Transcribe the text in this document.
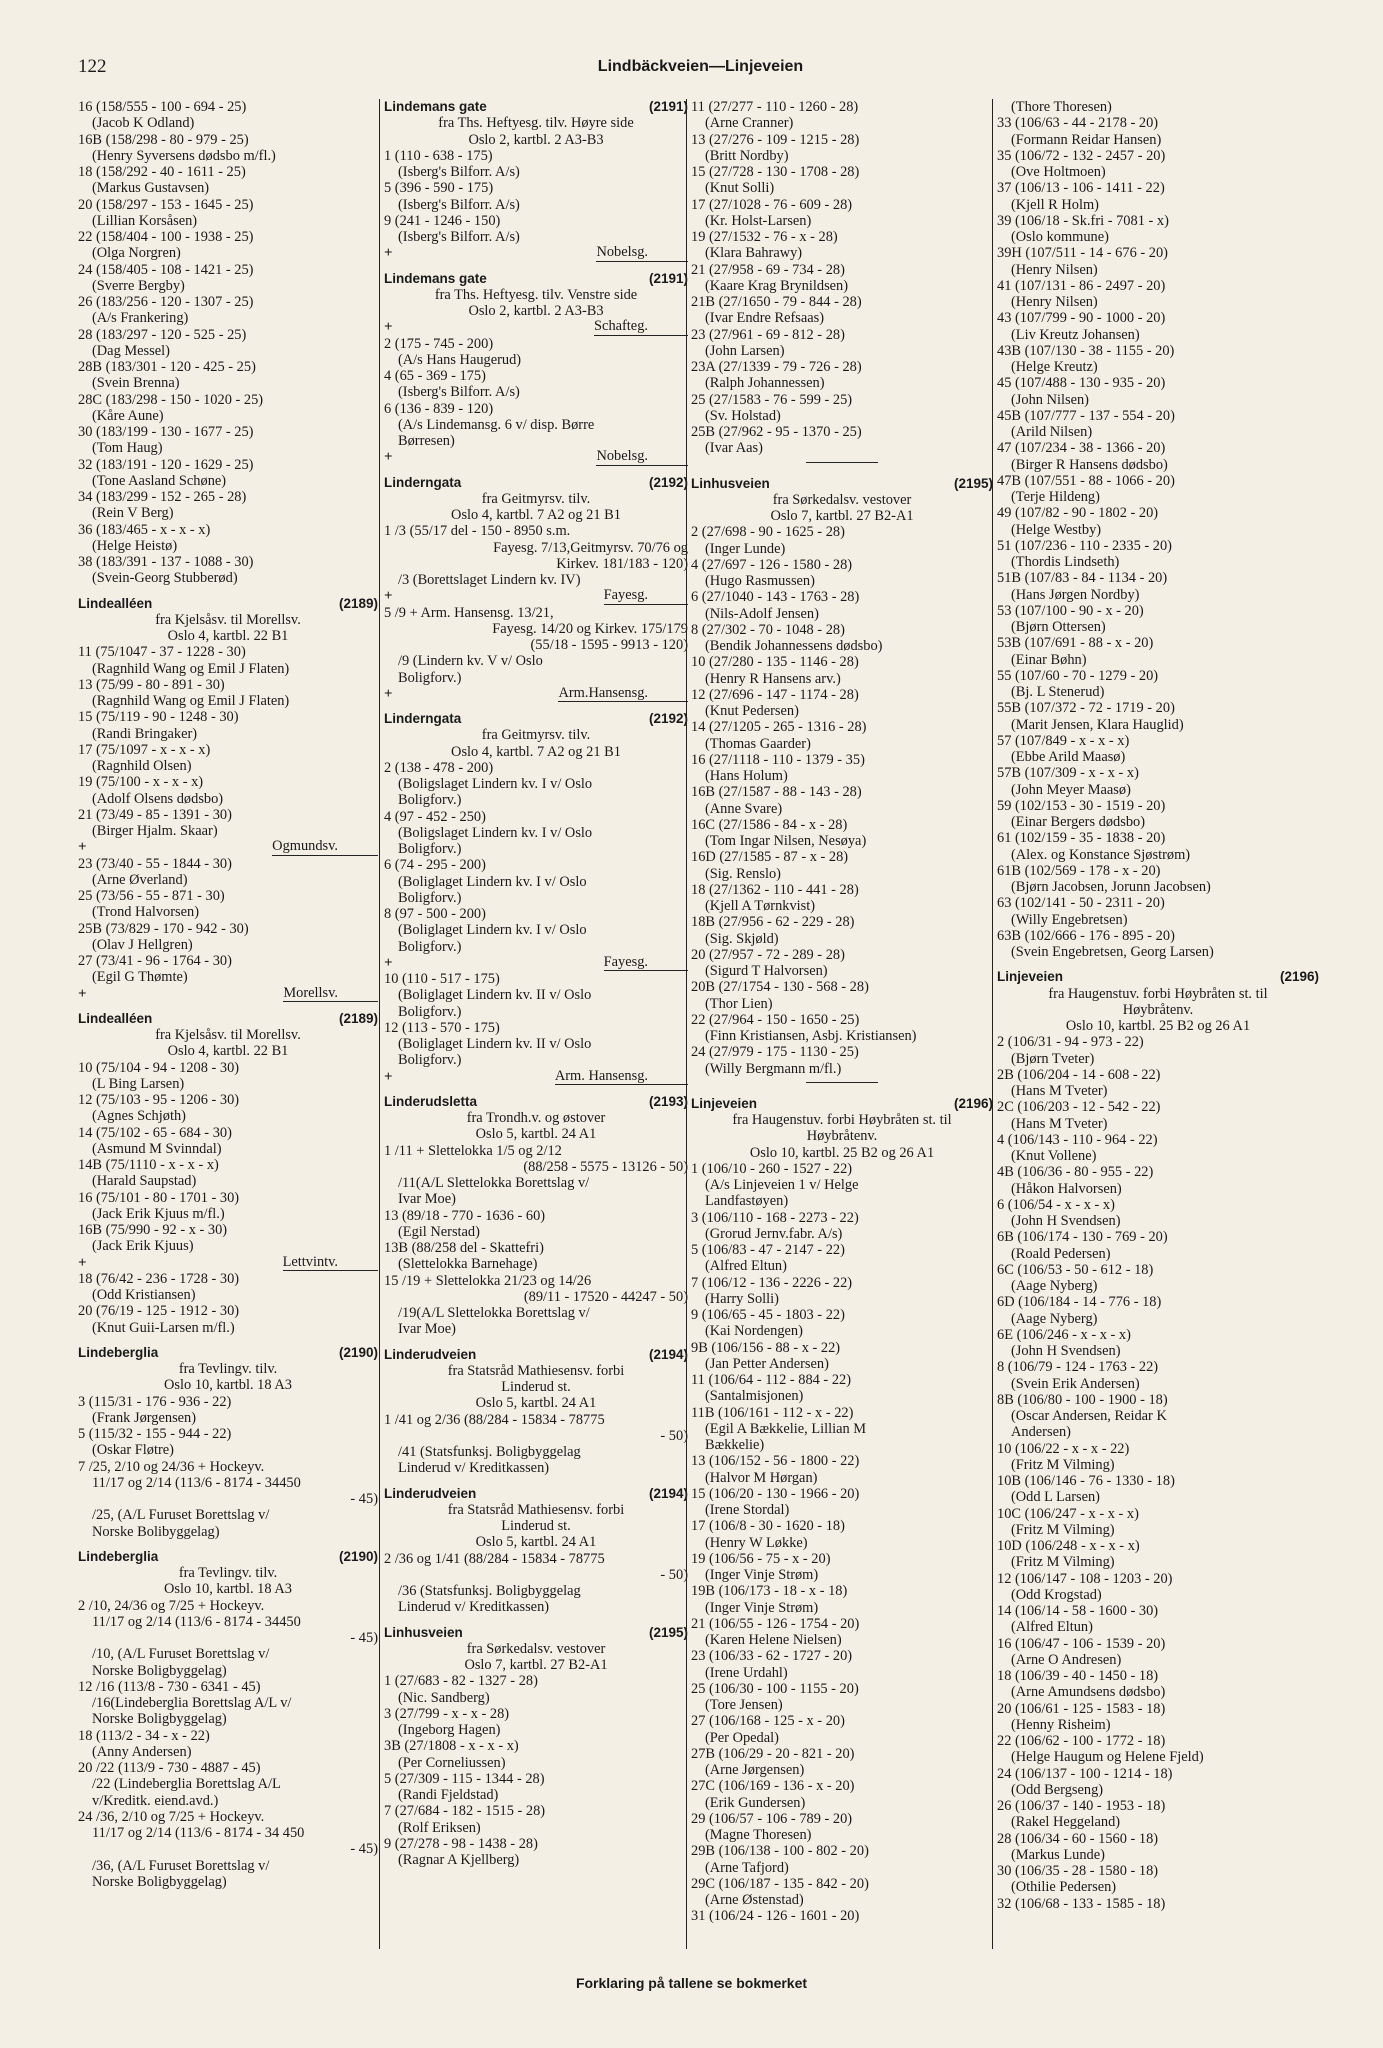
122	Lindbäckveien—Linjeveien
16 (158/555 - 100 - 694 - 25)
(Jacob K Odland)
16B (158/298 - 80 - 979 - 25)
(Henry Syversens dødsbo m/fl.)
18 (158/292 - 40 - 1611 - 25)
(Markus Gustavsen)
20 (158/297 - 153 - 1645 - 25)
(Lillian Korsåsen)
22 (158/404 - 100 - 1938 - 25)
(Olga Norgren)
24 (158/405 - 108 - 1421 - 25)
(Sverre Bergby)
26 (183/256 - 120 - 1307 - 25)
(A/s Frankering)
28 (183/297 - 120 - 525 - 25)
(Dag Messel)
28B (183/301 - 120 - 425 - 25)
(Svein Brenna)
28C (183/298 - 150 - 1020 - 25)
(Kåre Aune)
30 (183/199 - 130 - 1677 - 25)
(Tom Haug)
32 (183/191 - 120 - 1629 - 25)
(Tone Aasland Schøne)
34 (183/299 - 152 - 265 - 28)
(Rein V Berg)
36 (183/465 - x - x - x)
(Helge Heistø)
38 (183/391 - 137 - 1088 - 30)
(Svein-Georg Stubberød)
Lindealléen	(2189)
fra Kjelsåsv. til Morellsv.
Oslo 4, kartbl. 22 B1
11 (75/1047 - 37 - 1228 - 30)
(Ragnhild Wang og Emil J Flaten)
13 (75/99 - 80 - 891 - 30)
(Ragnhild Wang og Emil J Flaten)
15 (75/119 - 90 - 1248 - 30)
(Randi Bringaker)
17 (75/1097 - x - x - x)
(Ragnhild Olsen)
19 (75/100 - x - x - x)
(Adolf Olsens dødsbo)
21 (73/49 - 85 - 1391 - 30)
(Birger Hjalm. Skaar)
+	Ogmundsv.
23 (73/40 - 55 - 1844 - 30)
(Arne Øverland)
25 (73/56 - 55 - 871 - 30)
(Trond Halvorsen)
25B (73/829 - 170 - 942 - 30)
(Olav J Hellgren)
27 (73/41 - 96 - 1764 - 30)
(Egil G Thømte)
+	Morellsv.
Lindealléen	(2189)
fra Kjelsåsv. til Morellsv.
Oslo 4, kartbl. 22 B1
10 (75/104 - 94 - 1208 - 30)
(L Bing Larsen)
12 (75/103 - 95 - 1206 - 30)
(Agnes Schjøth)
14 (75/102 - 65 - 684 - 30)
(Asmund M Svinndal)
14B (75/1110 - x - x - x)
(Harald Saupstad)
16 (75/101 - 80 - 1701 - 30)
(Jack Erik Kjuus m/fl.)
16B (75/990 - 92 - x - 30)
(Jack Erik Kjuus)
+	Lettvintv.
18 (76/42 - 236 - 1728 - 30)
(Odd Kristiansen)
20 (76/19 - 125 - 1912 - 30)
(Knut Guii-Larsen m/fl.)
Lindeberglia	(2190)
fra Tevlingv. tilv.
Oslo 10, kartbl. 18 A3
3 (115/31 - 176 - 936 - 22)
(Frank Jørgensen)
5 (115/32 - 155 - 944 - 22)
(Oskar Fløtre)
7 /25, 2/10 og 24/36 + Hockeyv.
11/17 og 2/14 (113/6 - 8174 - 34450
- 45)
/25, (A/L Furuset Borettslag v/
Norske Bolibyggelag)
Lindeberglia	(2190)
fra Tevlingv. tilv.
Oslo 10, kartbl. 18 A3
2 /10, 24/36 og 7/25 + Hockeyv.
11/17 og 2/14 (113/6 - 8174 - 34450
- 45)
/10, (A/L Furuset Borettslag v/
Norske Boligbyggelag)
12 /16 (113/8 - 730 - 6341 - 45)
/16(Lindeberglia Borettslag A/L v/
Norske Boligbyggelag)
18 (113/2 - 34 - x - 22)
(Anny Andersen)
20 /22 (113/9 - 730 - 4887 - 45)
/22 (Lindeberglia Borettslag A/L
v/Kreditk. eiend.avd.)
24 /36, 2/10 og 7/25 + Hockeyv.
11/17 og 2/14 (113/6 - 8174 - 34 450
- 45)
/36, (A/L Furuset Borettslag v/
Norske Boligbyggelag)
Lindemans gate	(2191)
fra Ths. Heftyesg. tilv. Høyre side
Oslo 2, kartbl. 2 A3-B3
1 (110 - 638 - 175)
(Isberg's Bilforr. A/s)
5 (396 - 590 - 175)
(Isberg's Bilforr. A/s)
9 (241 - 1246 - 150)
(Isberg's Bilforr. A/s)
+	Nobelsg.
Lindemans gate	(2191)
fra Ths. Heftyesg. tilv. Venstre side
Oslo 2, kartbl. 2 A3-B3
+	Schafteg.
2 (175 - 745 - 200)
(A/s Hans Haugerud)
4 (65 - 369 - 175)
(Isberg's Bilforr. A/s)
6 (136 - 839 - 120)
(A/s Lindemansg. 6 v/ disp. Børre
Børresen)
+	Nobelsg.
Linderngata	(2192)
fra Geitmyrsv. tilv.
Oslo 4, kartbl. 7 A2 og 21 B1
1 /3 (55/17 del - 150 - 8950 s.m.
Fayesg. 7/13,Geitmyrsv. 70/76 og
Kirkev. 181/183 - 120)
/3 (Borettslaget Lindern kv. IV)
+	Fayesg.
5 /9 + Arm. Hansensg. 13/21,
Fayesg. 14/20 og Kirkev. 175/179
(55/18 - 1595 - 9913 - 120)
/9 (Lindern kv. V v/ Oslo
Boligforv.)
+	Arm.Hansensg.
Linderngata	(2192)
fra Geitmyrsv. tilv.
Oslo 4, kartbl. 7 A2 og 21 B1
2 (138 - 478 - 200)
(Boligslaget Lindern kv. I v/ Oslo
Boligforv.)
4 (97 - 452 - 250)
(Boligslaget Lindern kv. I v/ Oslo
Boligforv.)
6 (74 - 295 - 200)
(Boliglaget Lindern kv. I v/ Oslo
Boligforv.)
8 (97 - 500 - 200)
(Boliglaget Lindern kv. I v/ Oslo
Boligforv.)
+	Fayesg.
10 (110 - 517 - 175)
(Boliglaget Lindern kv. II v/ Oslo
Boligforv.)
12 (113 - 570 - 175)
(Boliglaget Lindern kv. II v/ Oslo
Boligforv.)
+	Arm. Hansensg.
Linderudsletta	(2193)
fra Trondh.v. og østover
Oslo 5, kartbl. 24 A1
1 /11 + Slettelokka 1/5 og 2/12
(88/258 - 5575 - 13126 - 50)
/11(A/L Slettelokka Borettslag v/
Ivar Moe)
13 (89/18 - 770 - 1636 - 60)
(Egil Nerstad)
13B (88/258 del - Skattefri)
(Slettelokka Barnehage)
15 /19 + Slettelokka 21/23 og 14/26
(89/11 - 17520 - 44247 - 50)
/19(A/L Slettelokka Borettslag v/
Ivar Moe)
Linderudveien	(2194)
fra Statsråd Mathiesensv. forbi
Linderud st.
Oslo 5, kartbl. 24 A1
1 /41 og 2/36 (88/284 - 15834 - 78775
- 50)
/41 (Statsfunksj. Boligbyggelag
Linderud v/ Kreditkassen)
Linderudveien	(2194)
fra Statsråd Mathiesensv. forbi
Linderud st.
Oslo 5, kartbl. 24 A1
2 /36 og 1/41 (88/284 - 15834 - 78775
- 50)
/36 (Statsfunksj. Boligbyggelag
Linderud v/ Kreditkassen)
Linhusveien	(2195)
fra Sørkedalsv. vestover
Oslo 7, kartbl. 27 B2-A1
1 (27/683 - 82 - 1327 - 28)
(Nic. Sandberg)
3 (27/799 - x - x - 28)
(Ingeborg Hagen)
3B (27/1808 - x - x - x)
(Per Corneliussen)
5 (27/309 - 115 - 1344 - 28)
(Randi Fjeldstad)
7 (27/684 - 182 - 1515 - 28)
(Rolf Eriksen)
9 (27/278 - 98 - 1438 - 28)
(Ragnar A Kjellberg)
11 (27/277 - 110 - 1260 - 28)
(Arne Cranner)
13 (27/276 - 109 - 1215 - 28)
(Britt Nordby)
15 (27/728 - 130 - 1708 - 28)
(Knut Solli)
17 (27/1028 - 76 - 609 - 28)
(Kr. Holst-Larsen)
19 (27/1532 - 76 - x - 28)
(Klara Bahrawy)
21 (27/958 - 69 - 734 - 28)
(Kaare Krag Brynildsen)
21B (27/1650 - 79 - 844 - 28)
(Ivar Endre Refsaas)
23 (27/961 - 69 - 812 - 28)
(John Larsen)
23A (27/1339 - 79 - 726 - 28)
(Ralph Johannessen)
25 (27/1583 - 76 - 599 - 25)
(Sv. Holstad)
25B (27/962 - 95 - 1370 - 25)
(Ivar Aas)
Linhusveien	(2195)
fra Sørkedalsv. vestover
Oslo 7, kartbl. 27 B2-A1
2 (27/698 - 90 - 1625 - 28)
(Inger Lunde)
4 (27/697 - 126 - 1580 - 28)
(Hugo Rasmussen)
6 (27/1040 - 143 - 1763 - 28)
(Nils-Adolf Jensen)
8 (27/302 - 70 - 1048 - 28)
(Bendik Johannessens dødsbo)
10 (27/280 - 135 - 1146 - 28)
(Henry R Hansens arv.)
12 (27/696 - 147 - 1174 - 28)
(Knut Pedersen)
14 (27/1205 - 265 - 1316 - 28)
(Thomas Gaarder)
16 (27/1118 - 110 - 1379 - 35)
(Hans Holum)
16B (27/1587 - 88 - 143 - 28)
(Anne Svare)
16C (27/1586 - 84 - x - 28)
(Tom Ingar Nilsen, Nesøya)
16D (27/1585 - 87 - x - 28)
(Sig. Renslo)
18 (27/1362 - 110 - 441 - 28)
(Kjell A Tørnkvist)
18B (27/956 - 62 - 229 - 28)
(Sig. Skjøld)
20 (27/957 - 72 - 289 - 28)
(Sigurd T Halvorsen)
20B (27/1754 - 130 - 568 - 28)
(Thor Lien)
22 (27/964 - 150 - 1650 - 25)
(Finn Kristiansen, Asbj. Kristiansen)
24 (27/979 - 175 - 1130 - 25)
(Willy Bergmann m/fl.)
Linjeveien	(2196)
fra Haugenstuv. forbi Høybråten st. til
Høybråtenv.
Oslo 10, kartbl. 25 B2 og 26 A1
1 (106/10 - 260 - 1527 - 22)
(A/s Linjeveien 1 v/ Helge
Landfastøyen)
3 (106/110 - 168 - 2273 - 22)
(Grorud Jernv.fabr. A/s)
5 (106/83 - 47 - 2147 - 22)
(Alfred Eltun)
7 (106/12 - 136 - 2226 - 22)
(Harry Solli)
9 (106/65 - 45 - 1803 - 22)
(Kai Nordengen)
9B (106/156 - 88 - x - 22)
(Jan Petter Andersen)
11 (106/64 - 112 - 884 - 22)
(Santalmisjonen)
11B (106/161 - 112 - x - 22)
(Egil A Bækkelie, Lillian M
Bækkelie)
13 (106/152 - 56 - 1800 - 22)
(Halvor M Hørgan)
15 (106/20 - 130 - 1966 - 20)
(Irene Stordal)
17 (106/8 - 30 - 1620 - 18)
(Henry W Løkke)
19 (106/56 - 75 - x - 20)
(Inger Vinje Strøm)
19B (106/173 - 18 - x - 18)
(Inger Vinje Strøm)
21 (106/55 - 126 - 1754 - 20)
(Karen Helene Nielsen)
23 (106/33 - 62 - 1727 - 20)
(Irene Urdahl)
25 (106/30 - 100 - 1155 - 20)
(Tore Jensen)
27 (106/168 - 125 - x - 20)
(Per Opedal)
27B (106/29 - 20 - 821 - 20)
(Arne Jørgensen)
27C (106/169 - 136 - x - 20)
(Erik Gundersen)
29 (106/57 - 106 - 789 - 20)
(Magne Thoresen)
29B (106/138 - 100 - 802 - 20)
(Arne Tafjord)
29C (106/187 - 135 - 842 - 20)
(Arne Østenstad)
31 (106/24 - 126 - 1601 - 20)
(Thore Thoresen)
33 (106/63 - 44 - 2178 - 20)
(Formann Reidar Hansen)
35 (106/72 - 132 - 2457 - 20)
(Ove Holtmoen)
37 (106/13 - 106 - 1411 - 22)
(Kjell R Holm)
39 (106/18 - Sk.fri - 7081 - x)
(Oslo kommune)
39H (107/511 - 14 - 676 - 20)
(Henry Nilsen)
41 (107/131 - 86 - 2497 - 20)
(Henry Nilsen)
43 (107/799 - 90 - 1000 - 20)
(Liv Kreutz Johansen)
43B (107/130 - 38 - 1155 - 20)
(Helge Kreutz)
45 (107/488 - 130 - 935 - 20)
(John Nilsen)
45B (107/777 - 137 - 554 - 20)
(Arild Nilsen)
47 (107/234 - 38 - 1366 - 20)
(Birger R Hansens dødsbo)
47B (107/551 - 88 - 1066 - 20)
(Terje Hildeng)
49 (107/82 - 90 - 1802 - 20)
(Helge Westby)
51 (107/236 - 110 - 2335 - 20)
(Thordis Lindseth)
51B (107/83 - 84 - 1134 - 20)
(Hans Jørgen Nordby)
53 (107/100 - 90 - x - 20)
(Bjørn Ottersen)
53B (107/691 - 88 - x - 20)
(Einar Bøhn)
55 (107/60 - 70 - 1279 - 20)
(Bj. L Stenerud)
55B (107/372 - 72 - 1719 - 20)
(Marit Jensen, Klara Hauglid)
57 (107/849 - x - x - x)
(Ebbe Arild Maasø)
57B (107/309 - x - x - x)
(John Meyer Maasø)
59 (102/153 - 30 - 1519 - 20)
(Einar Bergers dødsbo)
61 (102/159 - 35 - 1838 - 20)
(Alex. og Konstance Sjøstrøm)
61B (102/569 - 178 - x - 20)
(Bjørn Jacobsen, Jorunn Jacobsen)
63 (102/141 - 50 - 2311 - 20)
(Willy Engebretsen)
63B (102/666 - 176 - 895 - 20)
(Svein Engebretsen, Georg Larsen)
Linjeveien	(2196)
fra Haugenstuv. forbi Høybråten st. til
Høybråtenv.
Oslo 10, kartbl. 25 B2 og 26 A1
2 (106/31 - 94 - 973 - 22)
(Bjørn Tveter)
2B (106/204 - 14 - 608 - 22)
(Hans M Tveter)
2C (106/203 - 12 - 542 - 22)
(Hans M Tveter)
4 (106/143 - 110 - 964 - 22)
(Knut Vollene)
4B (106/36 - 80 - 955 - 22)
(Håkon Halvorsen)
6 (106/54 - x - x - x)
(John H Svendsen)
6B (106/174 - 130 - 769 - 20)
(Roald Pedersen)
6C (106/53 - 50 - 612 - 18)
(Aage Nyberg)
6D (106/184 - 14 - 776 - 18)
(Aage Nyberg)
6E (106/246 - x - x - x)
(John H Svendsen)
8 (106/79 - 124 - 1763 - 22)
(Svein Erik Andersen)
8B (106/80 - 100 - 1900 - 18)
(Oscar Andersen, Reidar K
Andersen)
10 (106/22 - x - x - 22)
(Fritz M Vilming)
10B (106/146 - 76 - 1330 - 18)
(Odd L Larsen)
10C (106/247 - x - x - x)
(Fritz M Vilming)
10D (106/248 - x - x - x)
(Fritz M Vilming)
12 (106/147 - 108 - 1203 - 20)
(Odd Krogstad)
14 (106/14 - 58 - 1600 - 30)
(Alfred Eltun)
16 (106/47 - 106 - 1539 - 20)
(Arne O Andresen)
18 (106/39 - 40 - 1450 - 18)
(Arne Amundsens dødsbo)
20 (106/61 - 125 - 1583 - 18)
(Henny Risheim)
22 (106/62 - 100 - 1772 - 18)
(Helge Haugum og Helene Fjeld)
24 (106/137 - 100 - 1214 - 18)
(Odd Bergseng)
26 (106/37 - 140 - 1953 - 18)
(Rakel Heggeland)
28 (106/34 - 60 - 1560 - 18)
(Markus Lunde)
30 (106/35 - 28 - 1580 - 18)
(Othilie Pedersen)
32 (106/68 - 133 - 1585 - 18)
Forklaring på tallene se bokmerket
